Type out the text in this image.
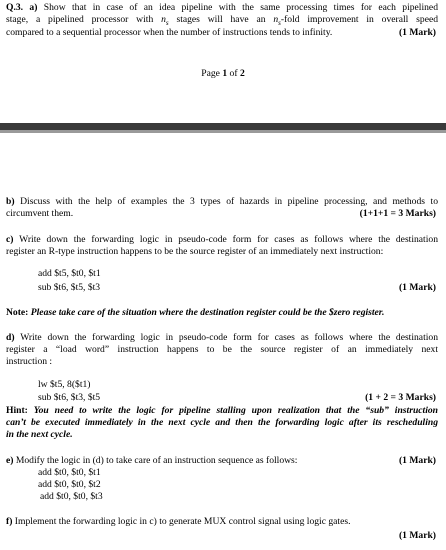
Q.3. a) Show that in case of an idea pipeline with the same processing times for each pipelined
stage, a pipelined processor with $n_s$ stages will have an $n_s$-fold improvement in overall speed
compared to a sequential processor when the number of instructions tends to infinity.	(1 Mark)
Page 1 of 2
b) Discuss with the help of examples the 3 types of hazards in pipeline processing, and methods to
circumvent them.	(1+1+1 = 3 Marks)
c) Write down the forwarding logic in pseudo-code form for cases as follows where the destination
register an R-type instruction happens to be the source register of an immediately next instruction:
add $t5, $t0, $t1
sub $t6, $t5, $t3	(1 Mark)
Note: Please take care of the situation where the destination register could be the $zero register.
d) Write down the forwarding logic in pseudo-code form for cases as follows where the destination
register a “load word” instruction happens to be the source register of an immediately next
instruction :
lw $t5, 8($t1)
sub $t6, $t3, $t5	(1 + 2 = 3 Marks)
Hint: You need to write the logic for pipeline stalling upon realization that the “sub” instruction
can’t be executed immediately in the next cycle and then the forwarding logic after its rescheduling
in the next cycle.
e) Modify the logic in (d) to take care of an instruction sequence as follows:	(1 Mark)
add $t0, $t0, $t1
add $t0, $t0, $t2
add $t0, $t0, $t3
f) Implement the forwarding logic in c) to generate MUX control signal using logic gates.
(1 Mark)
